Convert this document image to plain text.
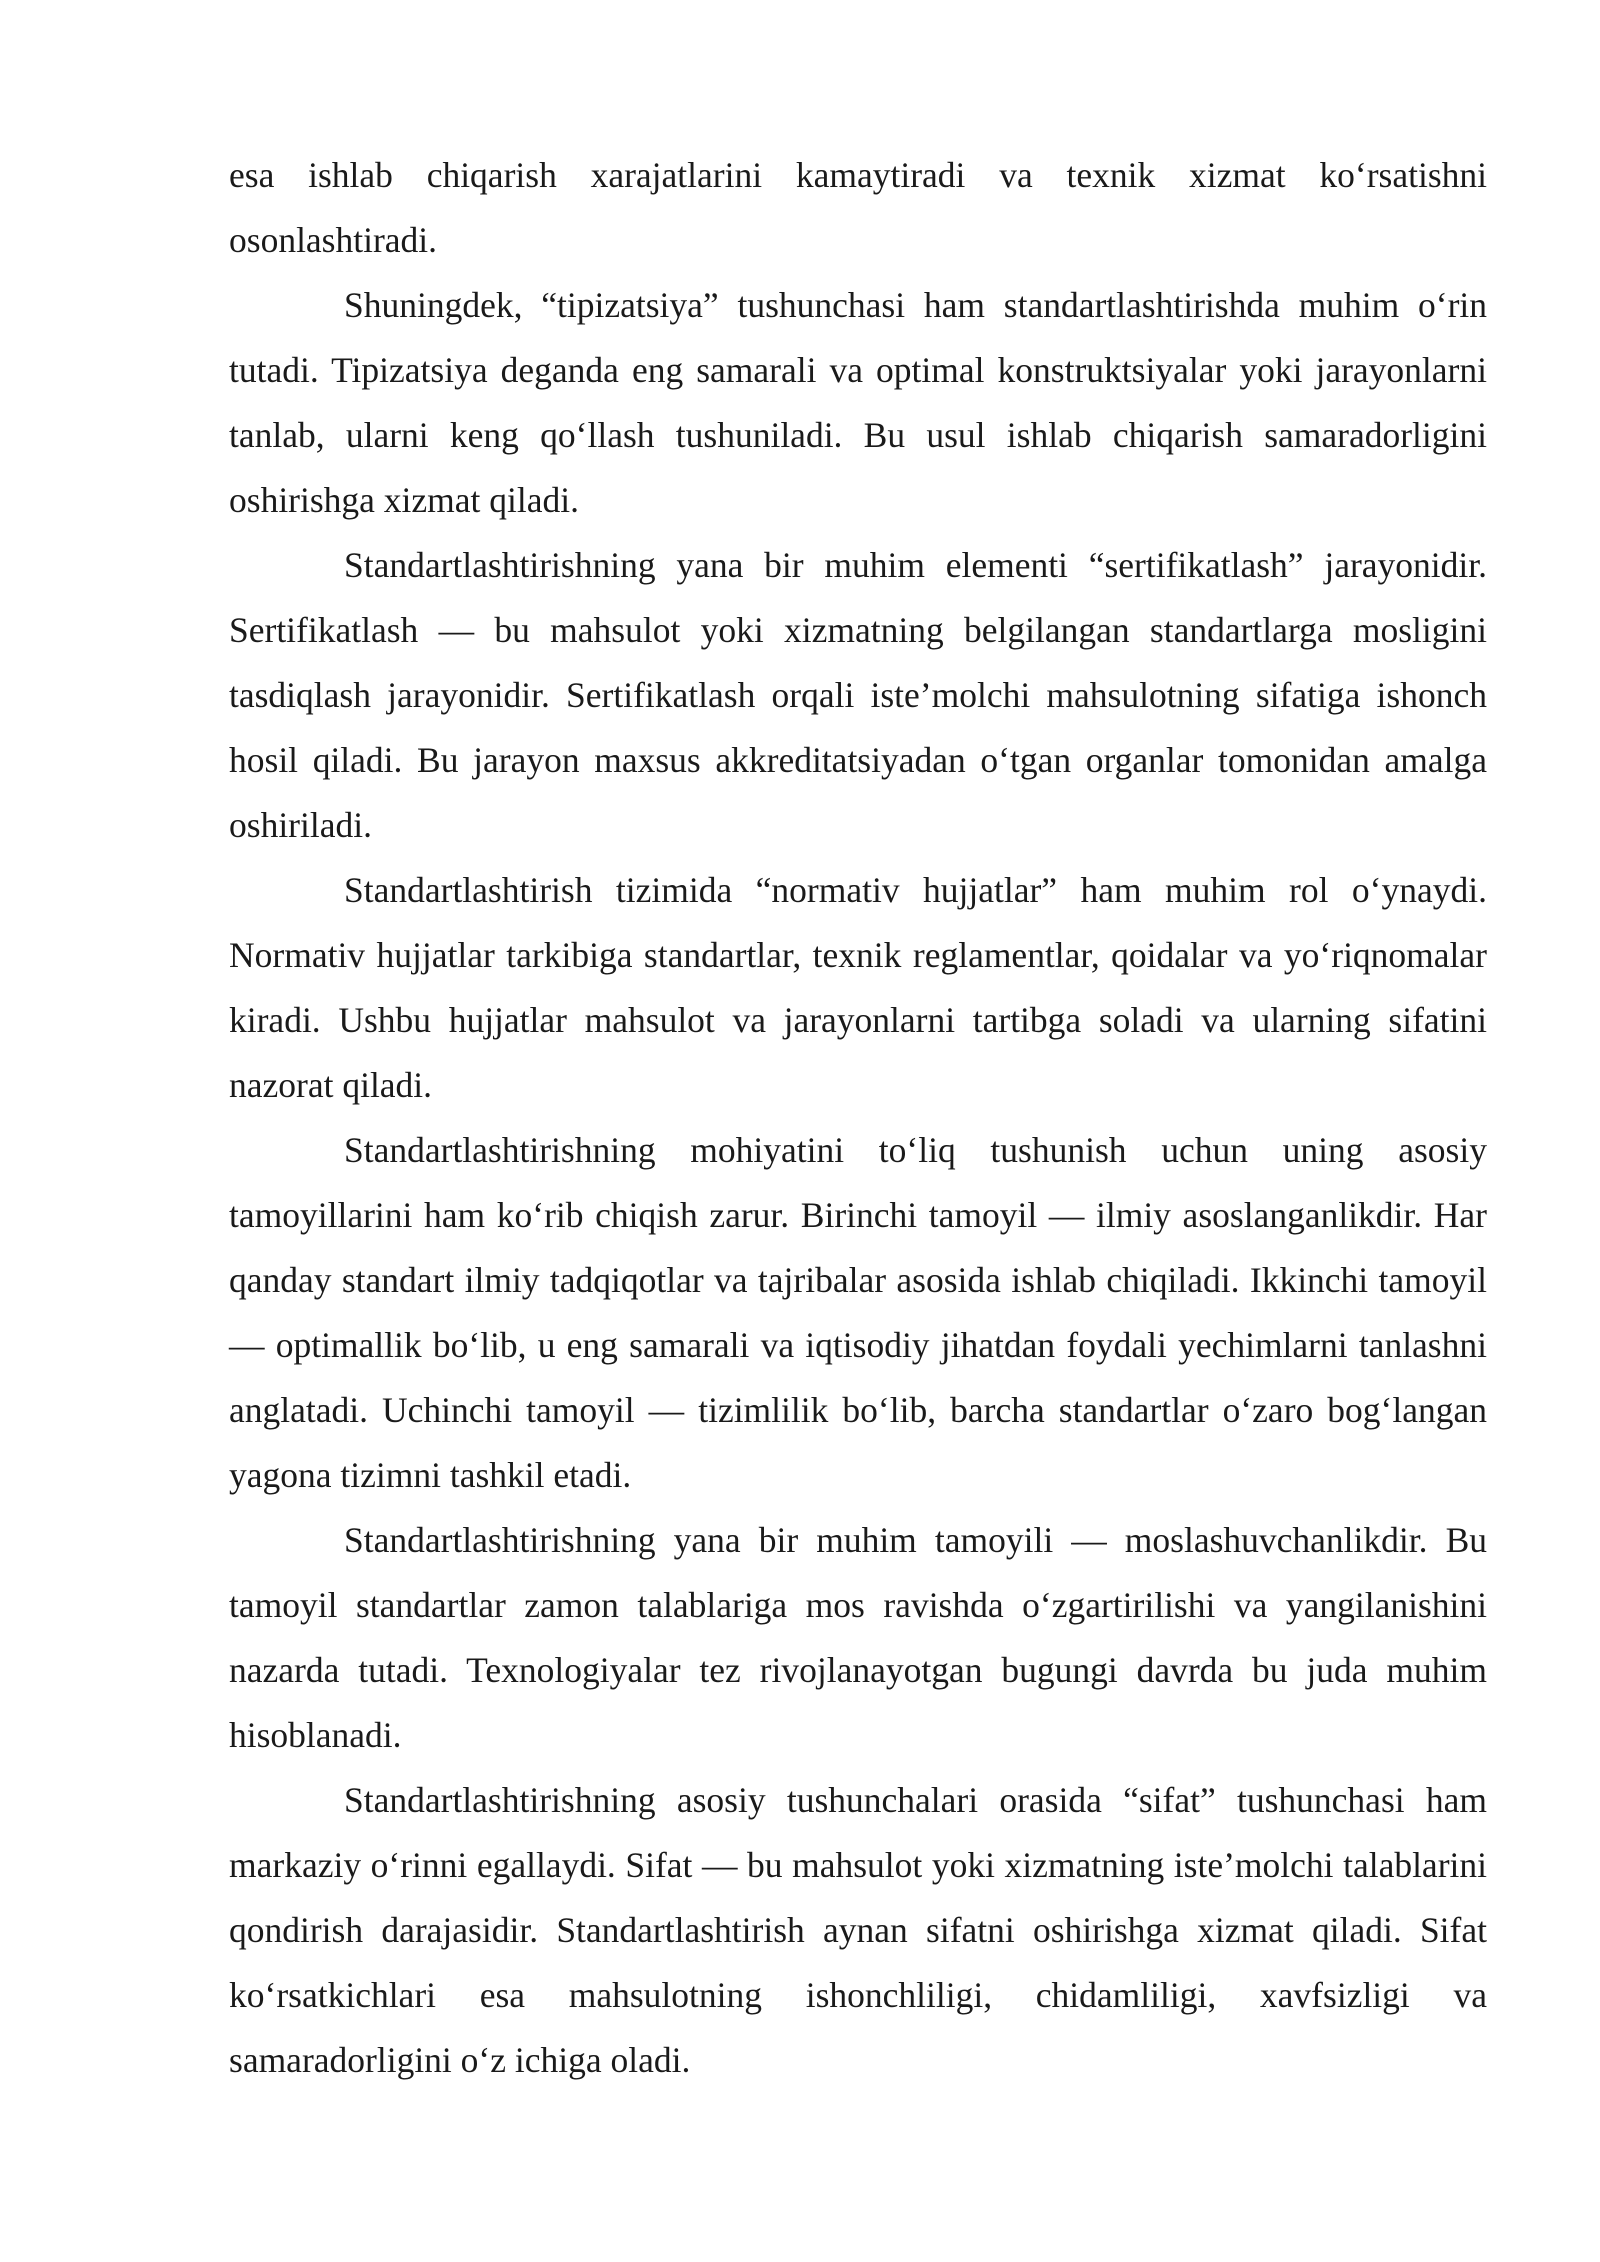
esa ishlab chiqarish xarajatlarini kamaytiradi va texnik xizmat ko‘rsatishni osonlashtiradi.

Shuningdek, “tipizatsiya” tushunchasi ham standartlashtirishda muhim o‘rin tutadi. Tipizatsiya deganda eng samarali va optimal konstruktsiyalar yoki jarayonlarni tanlab, ularni keng qo‘llash tushuniladi. Bu usul ishlab chiqarish samaradorligini oshirishga xizmat qiladi.

Standartlashtirishning yana bir muhim elementi “sertifikatlash” jarayonidir. Sertifikatlash — bu mahsulot yoki xizmatning belgilangan standartlarga mosligini tasdiqlash jarayonidir. Sertifikatlash orqali iste’molchi mahsulotning sifatiga ishonch hosil qiladi. Bu jarayon maxsus akkreditatsiyadan o‘tgan organlar tomonidan amalga oshiriladi.

Standartlashtirish tizimida “normativ hujjatlar” ham muhim rol o‘ynaydi. Normativ hujjatlar tarkibiga standartlar, texnik reglamentlar, qoidalar va yo‘riqnomalar kiradi. Ushbu hujjatlar mahsulot va jarayonlarni tartibga soladi va ularning sifatini nazorat qiladi.

Standartlashtirishning mohiyatini to‘liq tushunish uchun uning asosiy tamoyillarini ham ko‘rib chiqish zarur. Birinchi tamoyil — ilmiy asoslanganlikdir. Har qanday standart ilmiy tadqiqotlar va tajribalar asosida ishlab chiqiladi. Ikkinchi tamoyil — optimallik bo‘lib, u eng samarali va iqtisodiy jihatdan foydali yechimlarni tanlashni anglatadi. Uchinchi tamoyil — tizimlilik bo‘lib, barcha standartlar o‘zaro bog‘langan yagona tizimni tashkil etadi.

Standartlashtirishning yana bir muhim tamoyili — moslashuvchanlikdir. Bu tamoyil standartlar zamon talablariga mos ravishda o‘zgartirilishi va yangilanishini nazarda tutadi. Texnologiyalar tez rivojlanayotgan bugungi davrda bu juda muhim hisoblanadi.

Standartlashtirishning asosiy tushunchalari orasida “sifat” tushunchasi ham markaziy o‘rinni egallaydi. Sifat — bu mahsulot yoki xizmatning iste’molchi talablarini qondirish darajasidir. Standartlashtirish aynan sifatni oshirishga xizmat qiladi. Sifat ko‘rsatkichlari esa mahsulotning ishonchliligi, chidamliligi, xavfsizligi va samaradorligini o‘z ichiga oladi.
